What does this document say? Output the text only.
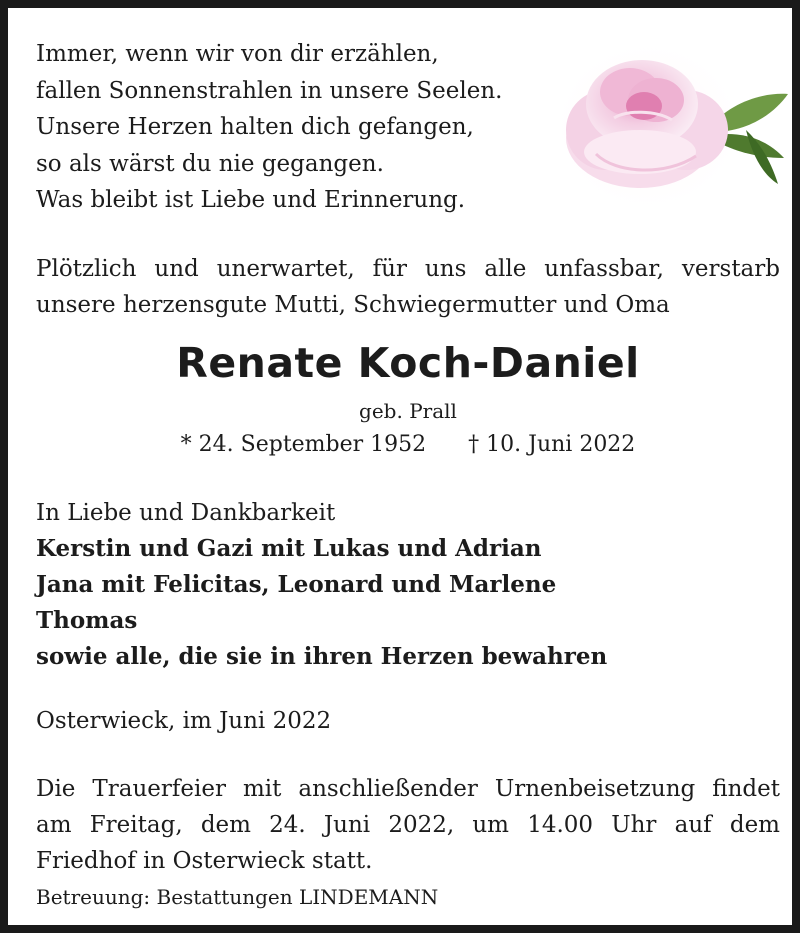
Immer, wenn wir von dir erzählen,
fallen Sonnenstrahlen in unsere Seelen.
Unsere Herzen halten dich gefangen,
so als wärst du nie gegangen.
Was bleibt ist Liebe und Erinnerung.
Plötzlich und unerwartet, für uns alle unfassbar, verstarb
unsere herzensgute Mutti, Schwiegermutter und Oma
Renate Koch-Daniel
geb. Prall
* 24. September 1952 † 10. Juni 2022
In Liebe und Dankbarkeit
Kerstin und Gazi mit Lukas und Adrian
Jana mit Felicitas, Leonard und Marlene
Thomas
sowie alle, die sie in ihren Herzen bewahren
Osterwieck, im Juni 2022
Die Trauerfeier mit anschließender Urnenbeisetzung findet
am Freitag, dem 24. Juni 2022, um 14.00 Uhr auf dem
Friedhof in Osterwieck statt.
Betreuung: Bestattungen LINDEMANN
